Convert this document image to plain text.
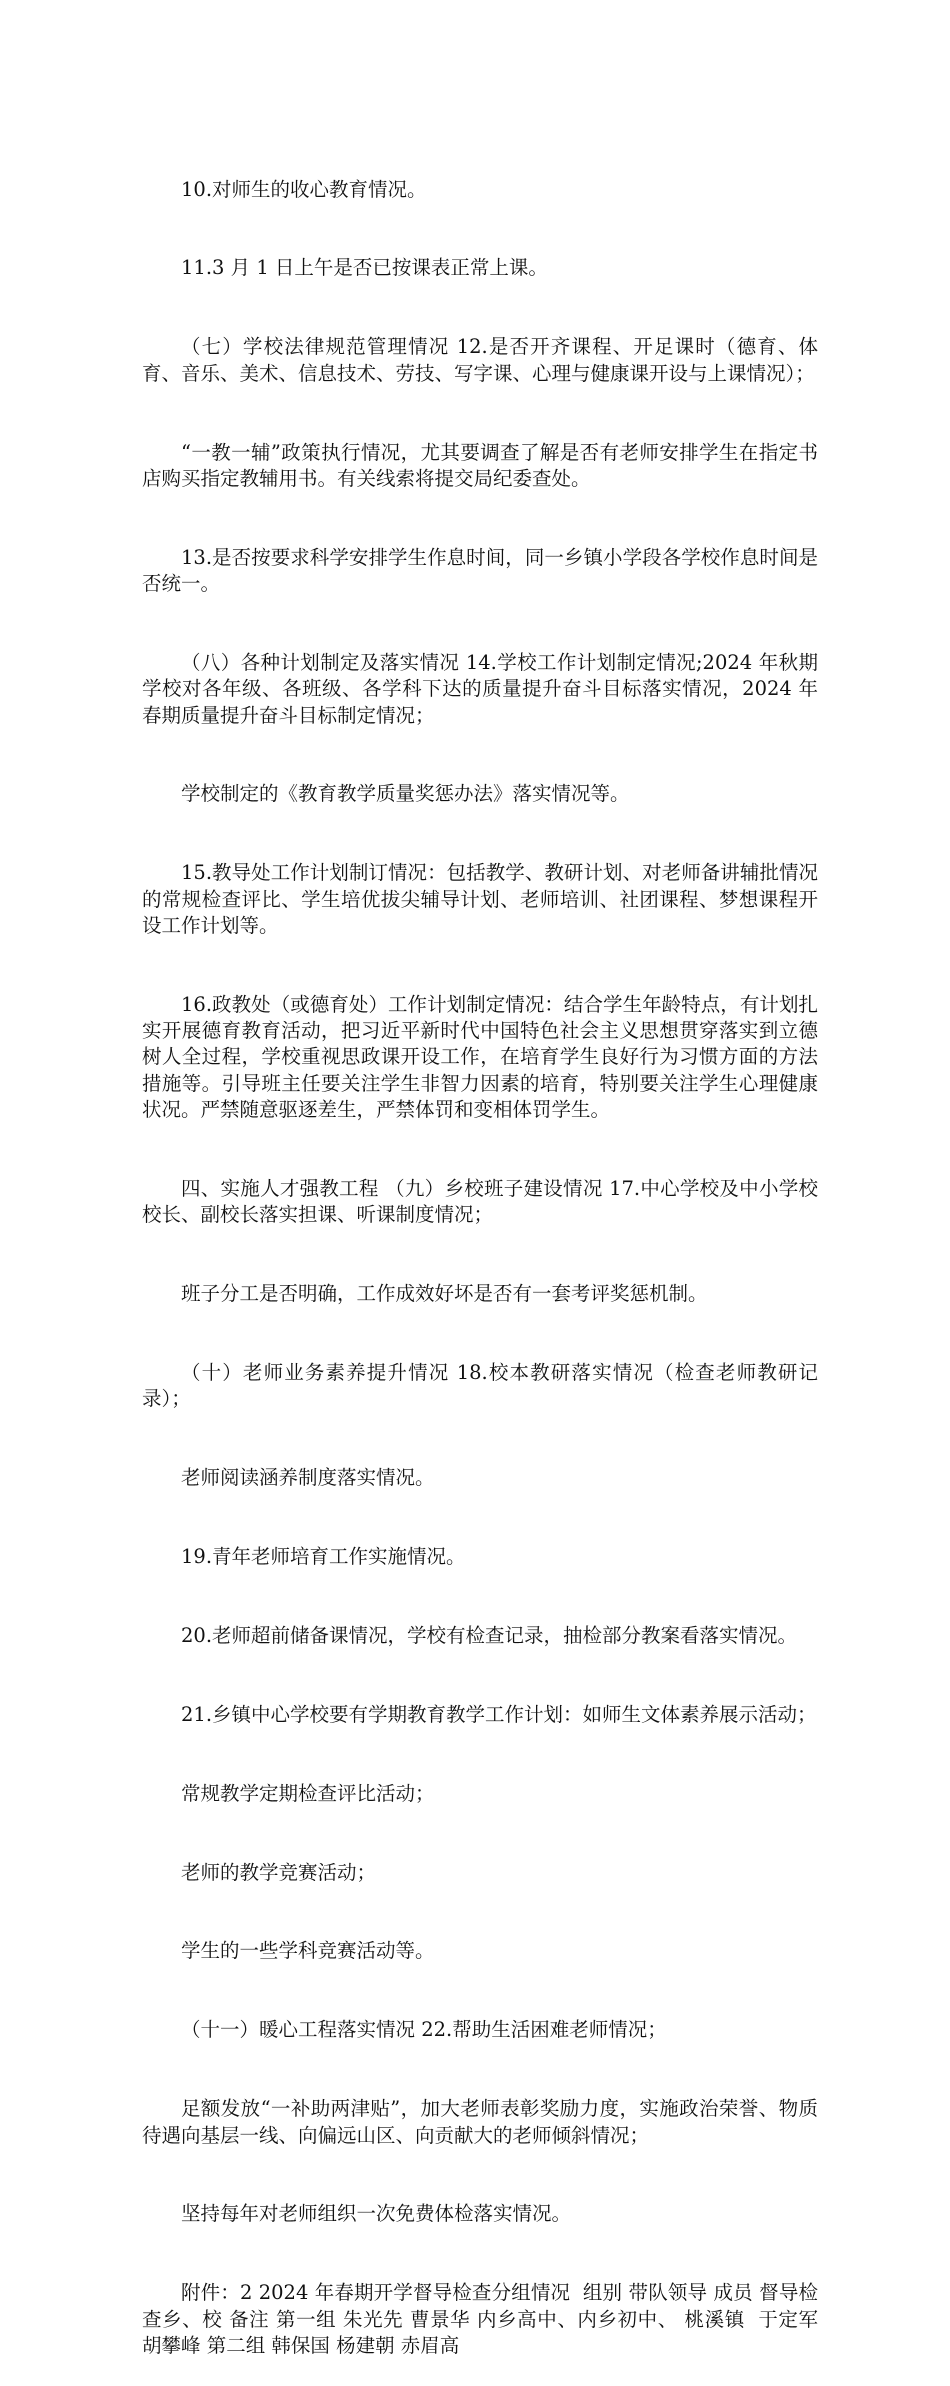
10.对师生的收心教育情况。

11.3 月 1 日上午是否已按课表正常上课。

（七）学校法律规范管理情况 12.是否开齐课程、开足课时（德育、体育、音乐、美术、信息技术、劳技、写字课、心理与健康课开设与上课情况）；

“一教一辅”政策执行情况，尤其要调查了解是否有老师安排学生在指定书店购买指定教辅用书。有关线索将提交局纪委查处。

13.是否按要求科学安排学生作息时间，同一乡镇小学段各学校作息时间是否统一。

（八）各种计划制定及落实情况 14.学校工作计划制定情况;2024 年秋期学校对各年级、各班级、各学科下达的质量提升奋斗目标落实情况，2024 年春期质量提升奋斗目标制定情况；

学校制定的《教育教学质量奖惩办法》落实情况等。

15.教导处工作计划制订情况：包括教学、教研计划、对老师备讲辅批情况的常规检查评比、学生培优拔尖辅导计划、老师培训、社团课程、梦想课程开设工作计划等。

16.政教处（或德育处）工作计划制定情况：结合学生年龄特点，有计划扎实开展德育教育活动，把习近平新时代中国特色社会主义思想贯穿落实到立德树人全过程，学校重视思政课开设工作，在培育学生良好行为习惯方面的方法措施等。引导班主任要关注学生非智力因素的培育，特别要关注学生心理健康状况。严禁随意驱逐差生，严禁体罚和变相体罚学生。

四、实施人才强教工程 （九）乡校班子建设情况 17.中心学校及中小学校校长、副校长落实担课、听课制度情况；

班子分工是否明确，工作成效好坏是否有一套考评奖惩机制。

（十）老师业务素养提升情况 18.校本教研落实情况（检查老师教研记录）；

老师阅读涵养制度落实情况。

19.青年老师培育工作实施情况。

20.老师超前储备课情况，学校有检查记录，抽检部分教案看落实情况。

21.乡镇中心学校要有学期教育教学工作计划：如师生文体素养展示活动；

常规教学定期检查评比活动；

老师的教学竞赛活动；

学生的一些学科竞赛活动等。

（十一）暖心工程落实情况 22.帮助生活困难老师情况；

足额发放“一补助两津贴”，加大老师表彰奖励力度，实施政治荣誉、物质待遇向基层一线、向偏远山区、向贡献大的老师倾斜情况；

坚持每年对老师组织一次免费体检落实情况。

附件：2 2024 年春期开学督导检查分组情况  组别 带队领导 成员 督导检查乡、校 备注 第一组 朱光先 曹景华 内乡高中、内乡初中、 桃溪镇  于定军 胡攀峰 第二组 韩保国 杨建朝 赤眉高
